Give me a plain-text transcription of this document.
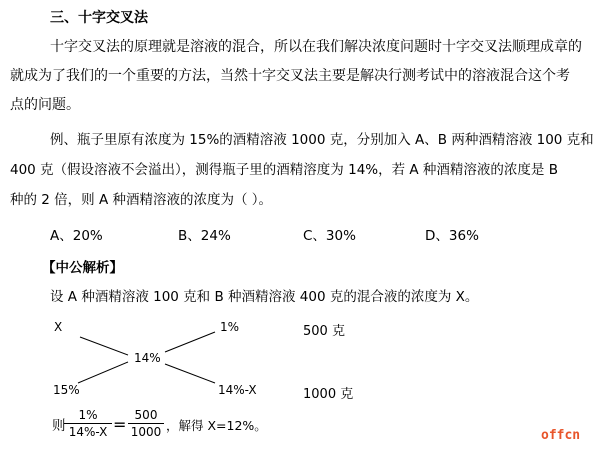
三、十字交叉法
十字交叉法的原理就是溶液的混合，所以在我们解决浓度问题时十字交叉法顺理成章的
就成为了我们的一个重要的方法，当然十字交叉法主要是解决行测考试中的溶液混合这个考
点的问题。
例、瓶子里原有浓度为 15%的酒精溶液 1000 克，分别加入 A、B 两种酒精溶液 100 克和
400 克（假设溶液不会溢出），测得瓶子里的酒精溶度为 14%，若 A 种酒精溶液的浓度是 B
种的 2 倍，则 A 种酒精溶液的浓度为（ ）。
A、20%	B、24%	C、30%	D、36%
【中公解析】
设 A 种酒精溶液 100 克和 B 种酒精溶液 400 克的混合液的浓度为 X。
X	1%	500 克
14%
15%	14%-X	1000 克
则
1%
14%-X = 500
1000 ，解得 X=12%。
offcn
